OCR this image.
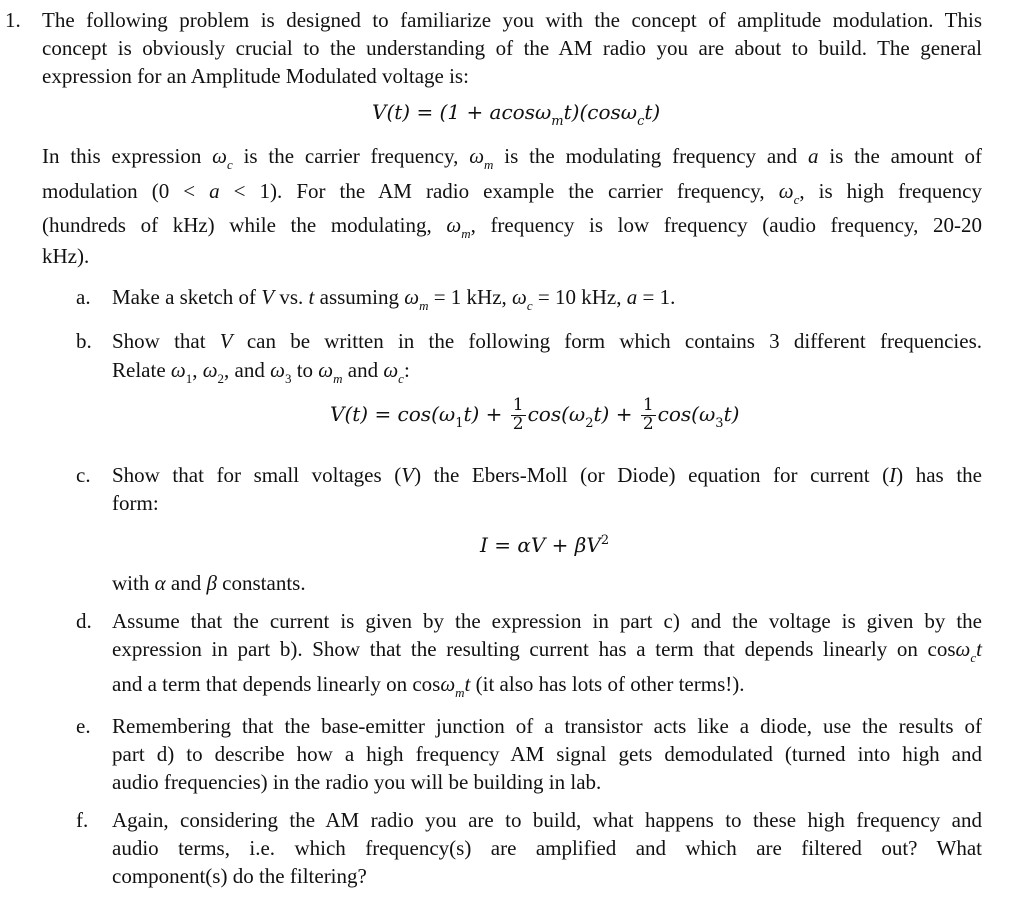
1. The following problem is designed to familiarize you with the concept of amplitude modulation. This
concept is obviously crucial to the understanding of the AM radio you are about to build. The general
expression for an Amplitude Modulated voltage is:
V(t) = (1 + acosω$_m$t)(cosω$_c$t)
In this expression $\omega_c$ is the carrier frequency, $\omega_m$ is the modulating frequency and a is the amount of
modulation (0 < a < 1). For the AM radio example the carrier frequency, $\omega_c$, is high frequency
(hundreds of kHz) while the modulating, $\omega_m$, frequency is low frequency (audio frequency, 20-20
kHz).
a. Make a sketch of V vs. t assuming $\omega_m = 1$ kHz, $\omega_c = 10$ kHz, a = 1.
b. Show that V can be written in the following form which contains 3 different frequencies.
Relate $\omega_1$, $\omega_2$, and $\omega_3$ to $\omega_m$ and $\omega_c$:
$V(t) = \cos(\omega_1t) + \frac{1}{2} \cos(\omega_2t) + \frac{1}{2} \cos(\omega_3t)$
c. Show that for small voltages (V) the Ebers-Moll (or Diode) equation for current (I) has the
form:
$I = \alpha V + \beta V^2$
with α and β constants.
d. Assume that the current is given by the expression in part c) and the voltage is given by the
expression in part b). Show that the resulting current has a term that depends linearly on cosω$_c$t
and a term that depends linearly on cosω$_m$t (it also has lots of other terms!).
e. Remembering that the base-emitter junction of a transistor acts like a diode, use the results of
part d) to describe how a high frequency AM signal gets demodulated (turned into high and
audio frequencies) in the radio you will be building in lab.
f. Again, considering the AM radio you are to build, what happens to these high frequency and
audio terms, i.e. which frequency(s) are amplified and which are filtered out? What
component(s) do the filtering?
